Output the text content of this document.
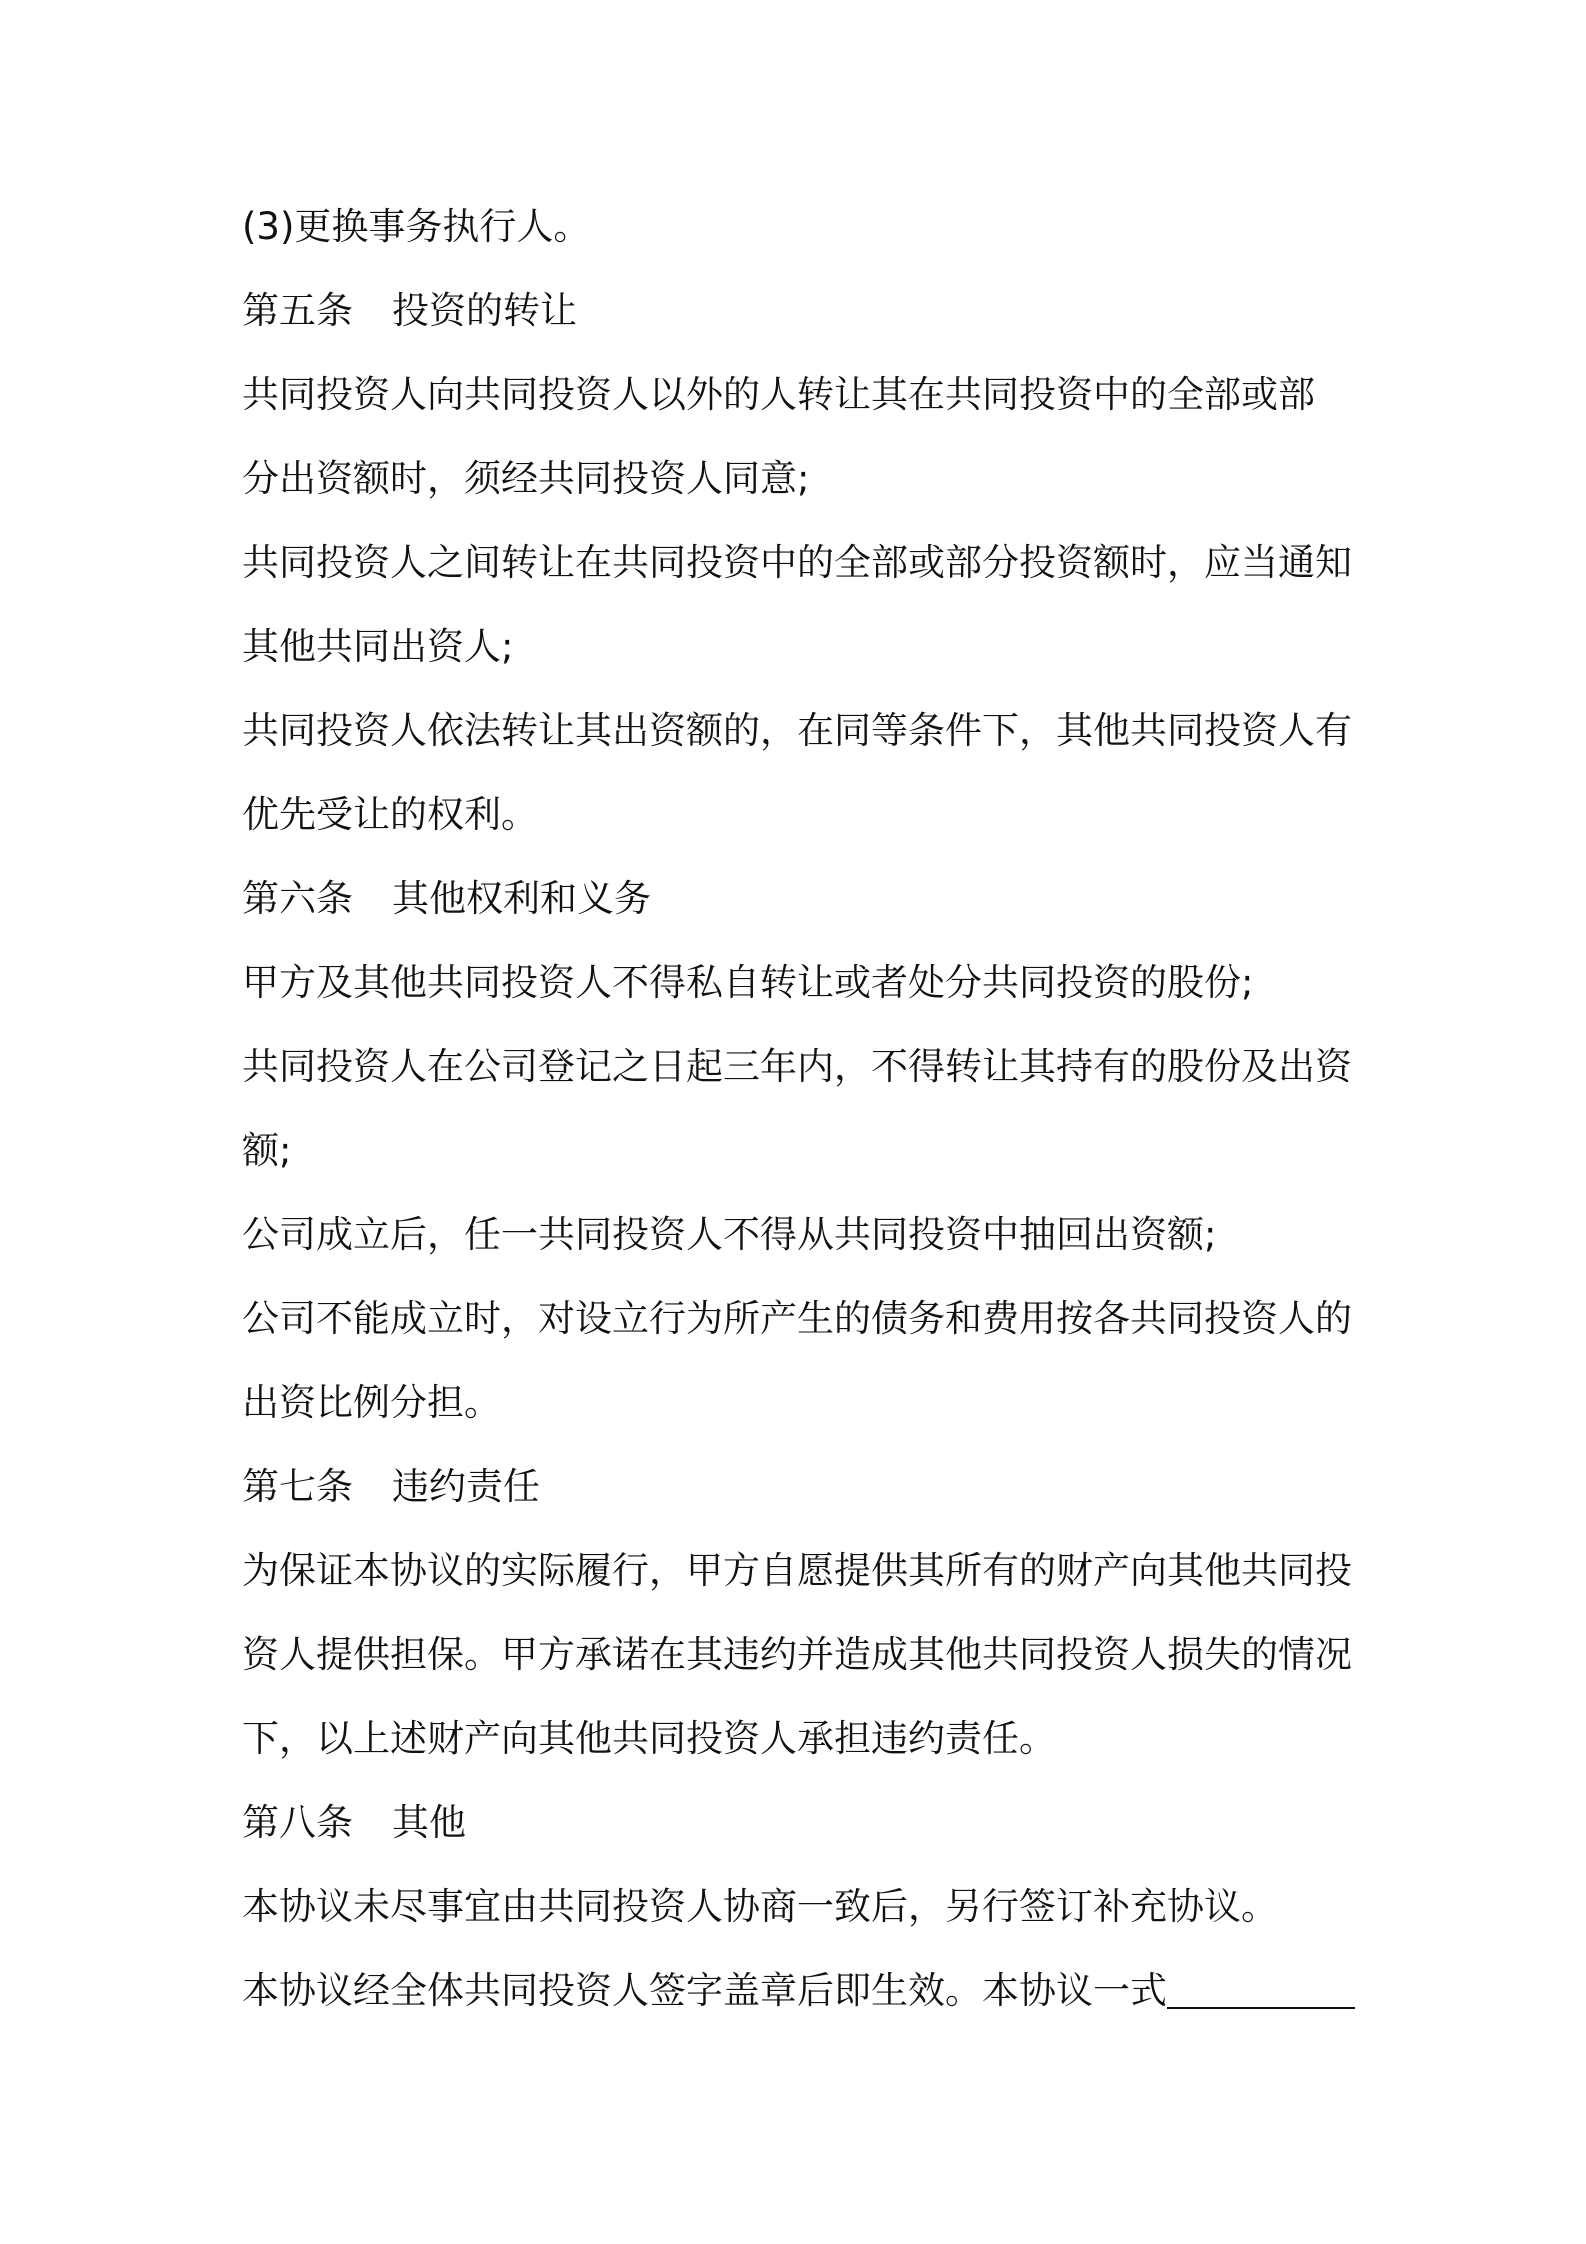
(3)更换事务执行人。

第五条 投资的转让

共同投资人向共同投资人以外的人转让其在共同投资中的全部或部

分出资额时，须经共同投资人同意;

共同投资人之间转让在共同投资中的全部或部分投资额时，应当通知

其他共同出资人;

共同投资人依法转让其出资额的，在同等条件下，其他共同投资人有

优先受让的权利。

第六条 其他权利和义务

甲方及其他共同投资人不得私自转让或者处分共同投资的股份;

共同投资人在公司登记之日起三年内，不得转让其持有的股份及出资

额;

公司成立后，任一共同投资人不得从共同投资中抽回出资额;

公司不能成立时，对设立行为所产生的债务和费用按各共同投资人的

出资比例分担。

第七条 违约责任

为保证本协议的实际履行，甲方自愿提供其所有的财产向其他共同投

资人提供担保。甲方承诺在其违约并造成其他共同投资人损失的情况

下，以上述财产向其他共同投资人承担违约责任。

第八条 其他

本协议未尽事宜由共同投资人协商一致后，另行签订补充协议。

本协议经全体共同投资人签字盖章后即生效。本协议一式
